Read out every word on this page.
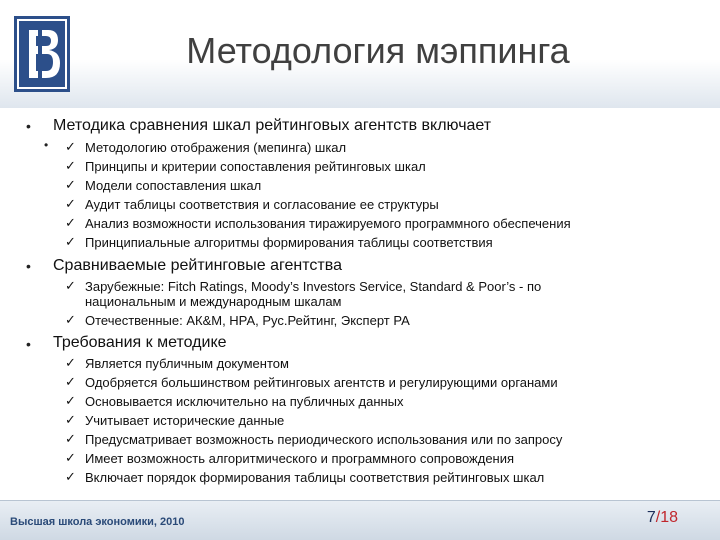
Методология мэппинга
• Методика сравнения шкал рейтинговых агентств включает
• ✓ Методологию отображения (мепинга) шкал
✓ Принципы и критерии сопоставления рейтинговых шкал
✓ Модели сопоставления шкал
✓ Аудит таблицы соответствия и согласование ее структуры
✓ Анализ возможности использования тиражируемого программного обеспечения
✓ Принципиальные алгоритмы формирования таблицы соответствия
• Сравниваемые рейтинговые агентства
✓ Зарубежные: Fitch Ratings, Moody’s Investors Service, Standard & Poor’s - по
национальным и международным шкалам
✓ Отечественные: АК&М, НРА, Рус.Рейтинг, Эксперт РА
• Требования к методике
✓ Является публичным документом
✓ Одобряется большинством рейтинговых агентств и регулирующими органами
✓ Основывается исключительно на публичных данных
✓ Учитывает исторические данные
✓ Предусматривает возможность периодического использования или по запросу
✓ Имеет возможность алгоритмического и программного сопровождения
✓ Включает порядок формирования таблицы соответствия рейтинговых шкал
Высшая школа экономики, 2010	7/18
